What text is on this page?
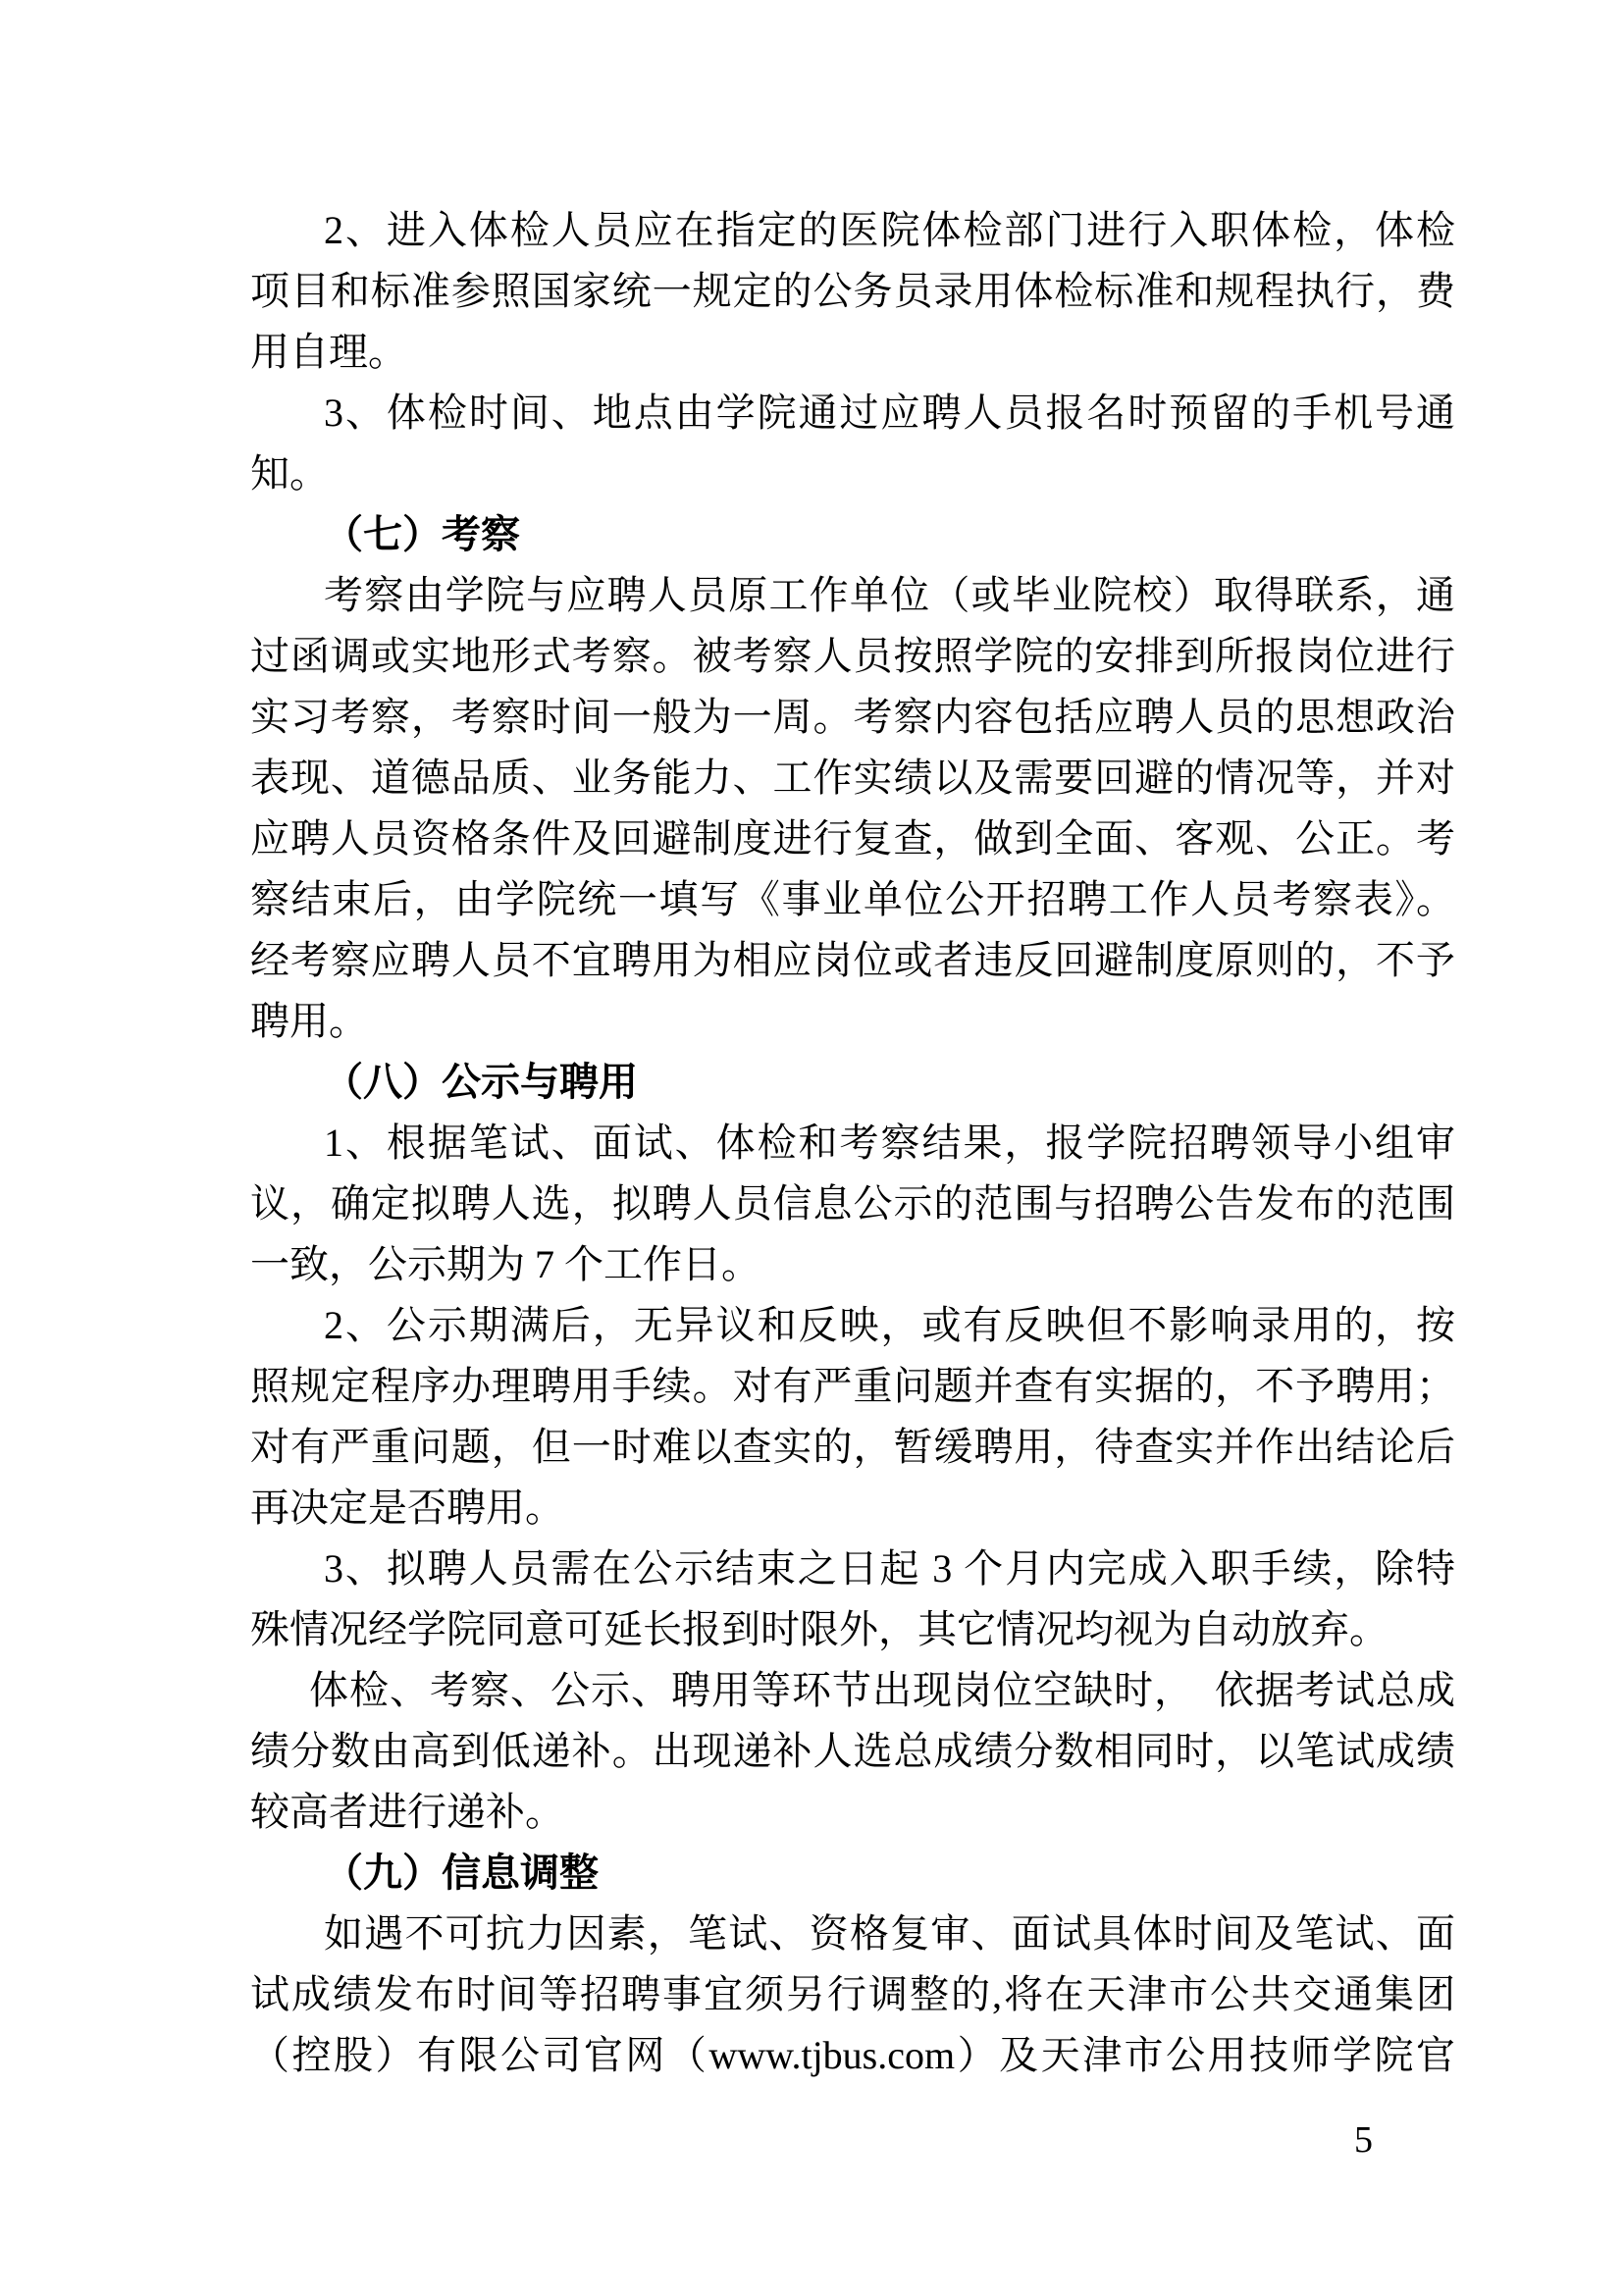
2、进入体检人员应在指定的医院体检部门进行入职体检，体检
项目和标准参照国家统一规定的公务员录用体检标准和规程执行，费
用自理。
3、体检时间、地点由学院通过应聘人员报名时预留的手机号通
知。
（七）考察
考察由学院与应聘人员原工作单位（或毕业院校）取得联系，通
过函调或实地形式考察。被考察人员按照学院的安排到所报岗位进行
实习考察，考察时间一般为一周。考察内容包括应聘人员的思想政治
表现、道德品质、业务能力、工作实绩以及需要回避的情况等，并对
应聘人员资格条件及回避制度进行复查，做到全面、客观、公正。考
察结束后，由学院统一填写《事业单位公开招聘工作人员考察表》。
经考察应聘人员不宜聘用为相应岗位或者违反回避制度原则的，不予
聘用。
（八）公示与聘用
1、根据笔试、面试、体检和考察结果，报学院招聘领导小组审
议，确定拟聘人选，拟聘人员信息公示的范围与招聘公告发布的范围
一致，公示期为 7 个工作日。
2、公示期满后，无异议和反映，或有反映但不影响录用的，按
照规定程序办理聘用手续。对有严重问题并查有实据的，不予聘用；
对有严重问题，但一时难以查实的，暂缓聘用，待查实并作出结论后
再决定是否聘用。
3、拟聘人员需在公示结束之日起 3 个月内完成入职手续，除特
殊情况经学院同意可延长报到时限外，其它情况均视为自动放弃。
体检、考察、公示、聘用等环节出现岗位空缺时，　依据考试总成
绩分数由高到低递补。出现递补人选总成绩分数相同时，以笔试成绩
较高者进行递补。
（九）信息调整
如遇不可抗力因素，笔试、资格复审、面试具体时间及笔试、面
试成绩发布时间等招聘事宜须另行调整的,将在天津市公共交通集团
（控股）有限公司官网（www.tjbus.com）及天津市公用技师学院官
5
